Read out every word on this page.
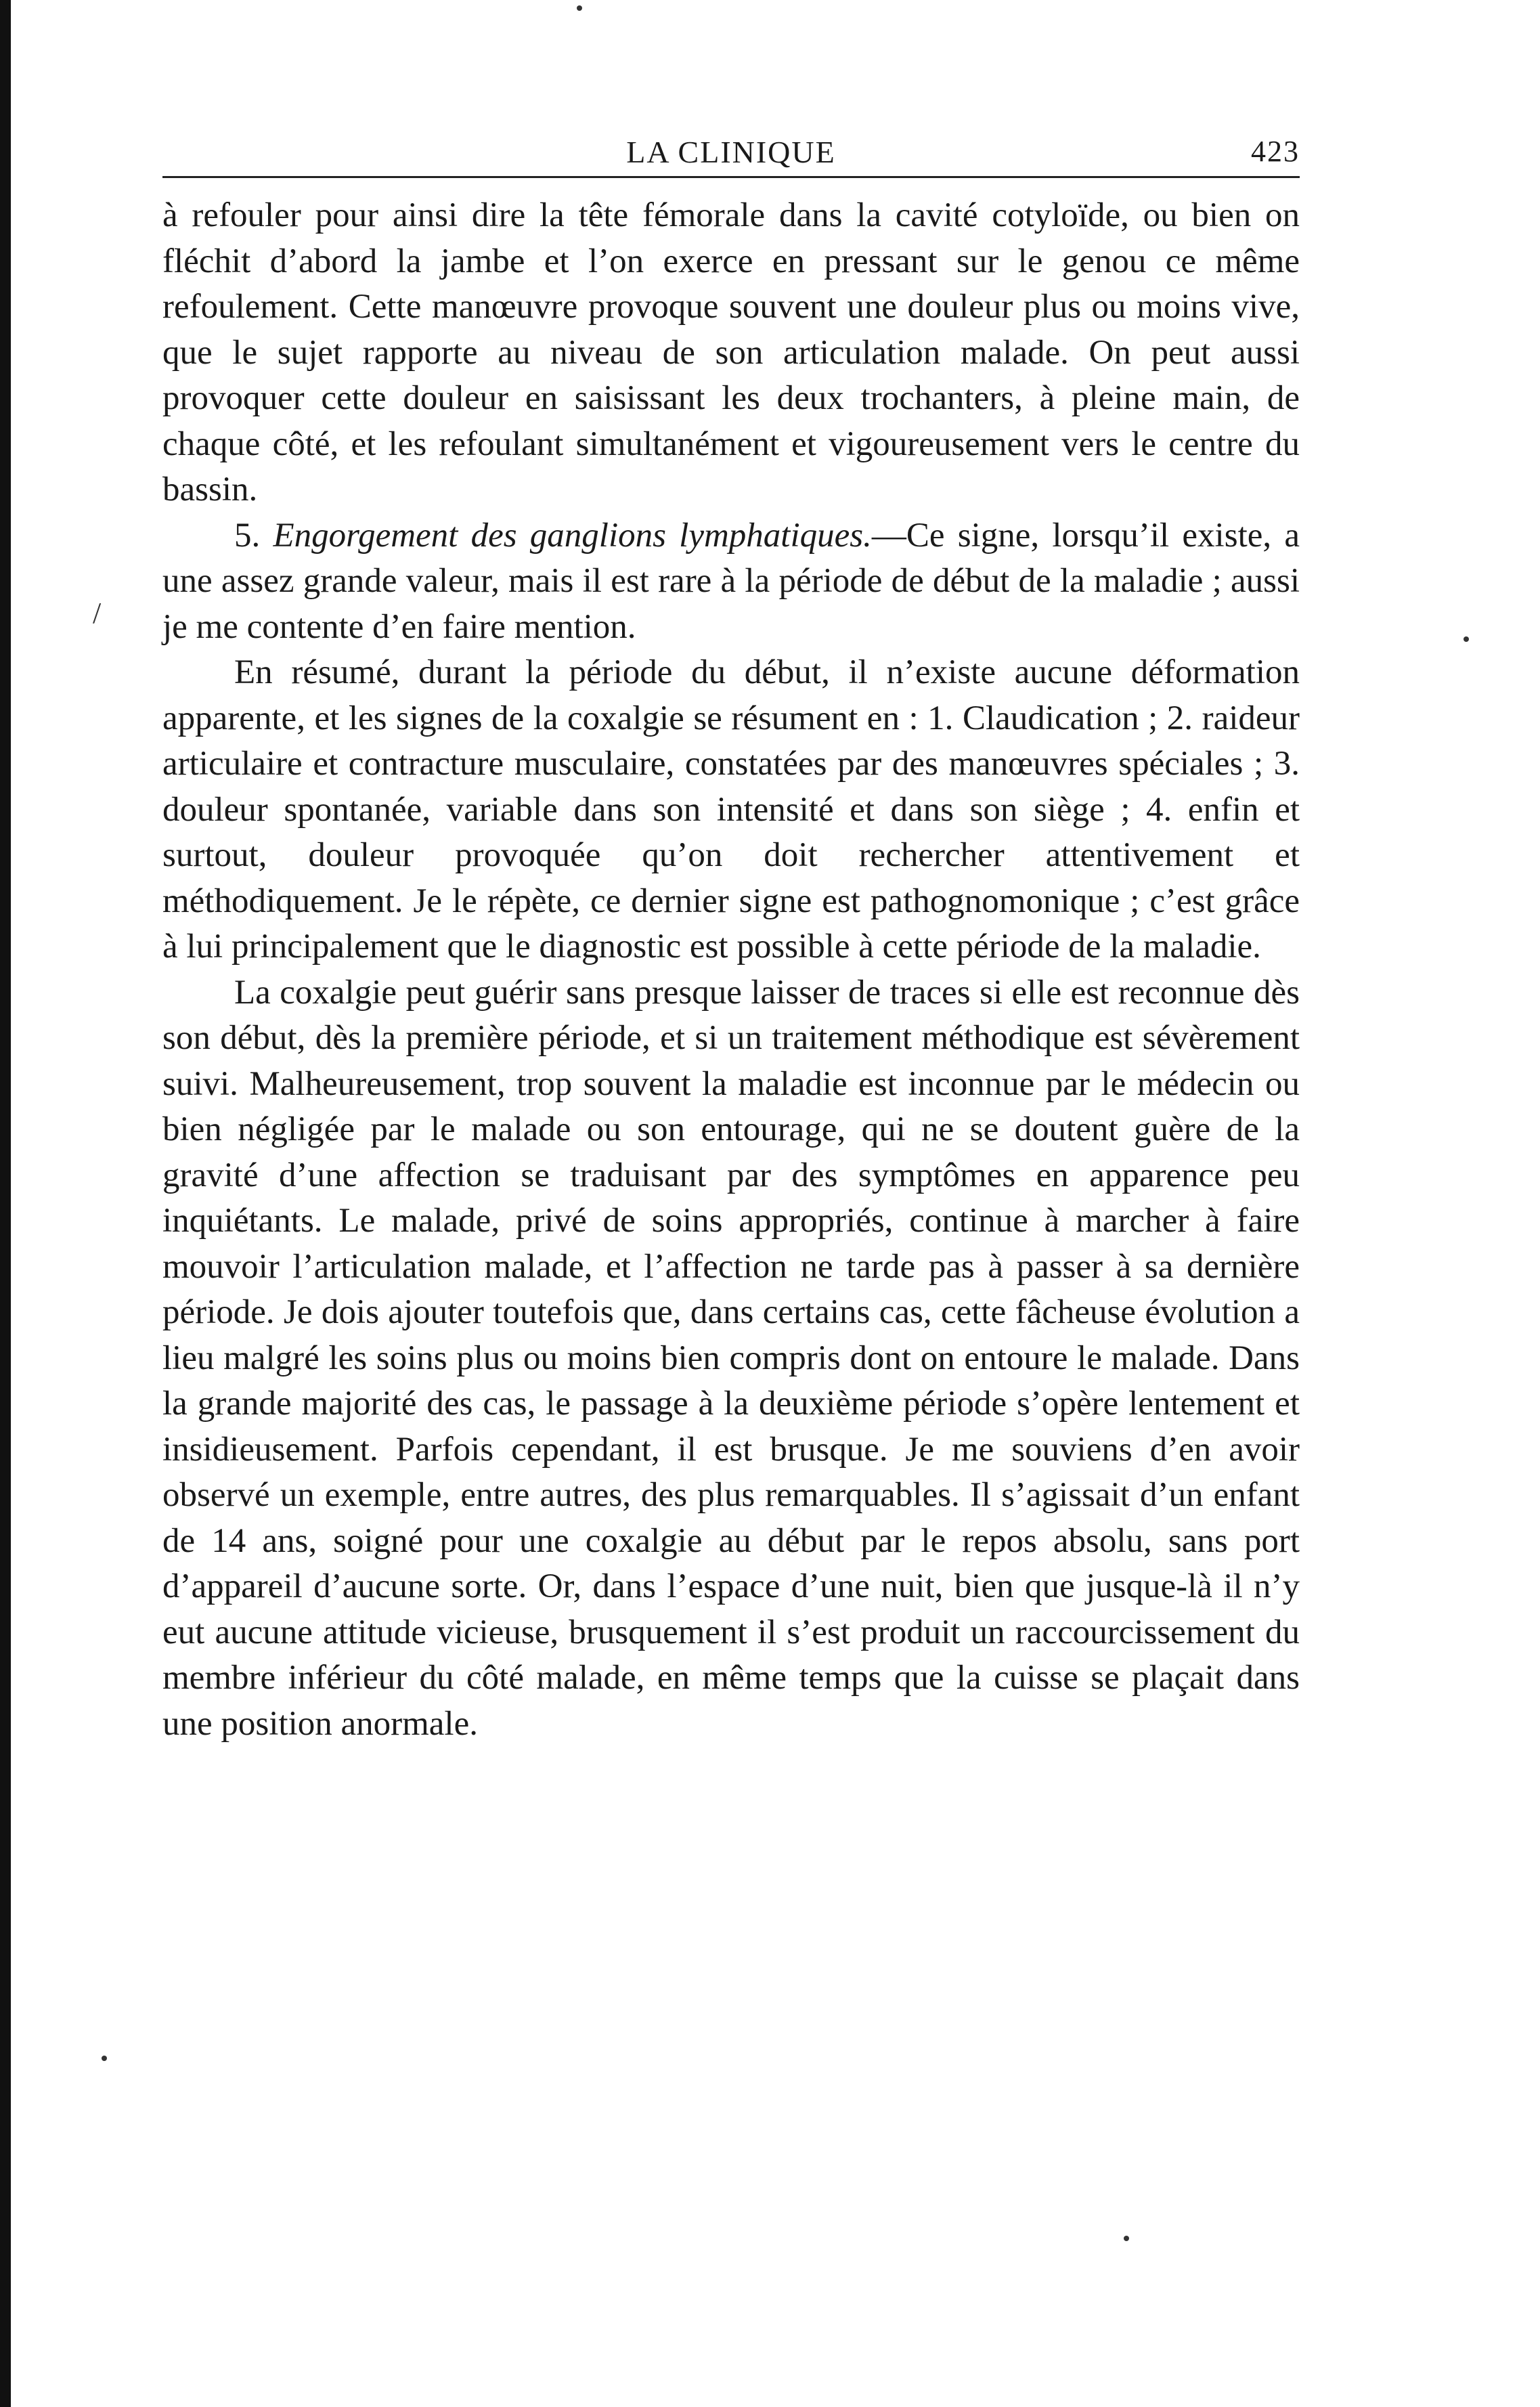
/
LA CLINIQUE	423

à refouler pour ainsi dire la tête fémorale dans la cavité cotyloïde, ou bien on fléchit d’abord la jambe et l’on exerce en pressant sur le genou ce même refoulement. Cette manœuvre provoque souvent une douleur plus ou moins vive, que le sujet rapporte au niveau de son articulation malade. On peut aussi provoquer cette douleur en saisissant les deux trochanters, à pleine main, de chaque côté, et les refoulant simultanément et vigoureusement vers le centre du bassin.

5. Engorgement des ganglions lymphatiques.—Ce signe, lorsqu’il existe, a une assez grande valeur, mais il est rare à la période de début de la maladie ; aussi je me contente d’en faire mention.

En résumé, durant la période du début, il n’existe aucune déformation apparente, et les signes de la coxalgie se résument en : 1. Claudication ; 2. raideur articulaire et contracture musculaire, constatées par des manœuvres spéciales ; 3. douleur spontanée, variable dans son intensité et dans son siège ; 4. enfin et surtout, douleur provoquée qu’on doit rechercher attentivement et méthodiquement. Je le répète, ce dernier signe est pathognomonique ; c’est grâce à lui principalement que le diagnostic est possible à cette période de la maladie.

La coxalgie peut guérir sans presque laisser de traces si elle est reconnue dès son début, dès la première période, et si un traitement méthodique est sévèrement suivi. Malheureusement, trop souvent la maladie est inconnue par le médecin ou bien négligée par le malade ou son entourage, qui ne se doutent guère de la gravité d’une affection se traduisant par des symptômes en apparence peu inquiétants. Le malade, privé de soins appropriés, continue à marcher à faire mouvoir l’articulation malade, et l’affection ne tarde pas à passer à sa dernière période. Je dois ajouter toutefois que, dans certains cas, cette fâcheuse évolution a lieu malgré les soins plus ou moins bien compris dont on entoure le malade. Dans la grande majorité des cas, le passage à la deuxième période s’opère lentement et insidieusement. Parfois cependant, il est brusque. Je me souviens d’en avoir observé un exemple, entre autres, des plus remarquables. Il s’agissait d’un enfant de 14 ans, soigné pour une coxalgie au début par le repos absolu, sans port d’appareil d’aucune sorte. Or, dans l’espace d’une nuit, bien que jusque-là il n’y eut aucune attitude vicieuse, brusquement il s’est produit un raccourcissement du membre inférieur du côté malade, en même temps que la cuisse se plaçait dans une position anormale.
